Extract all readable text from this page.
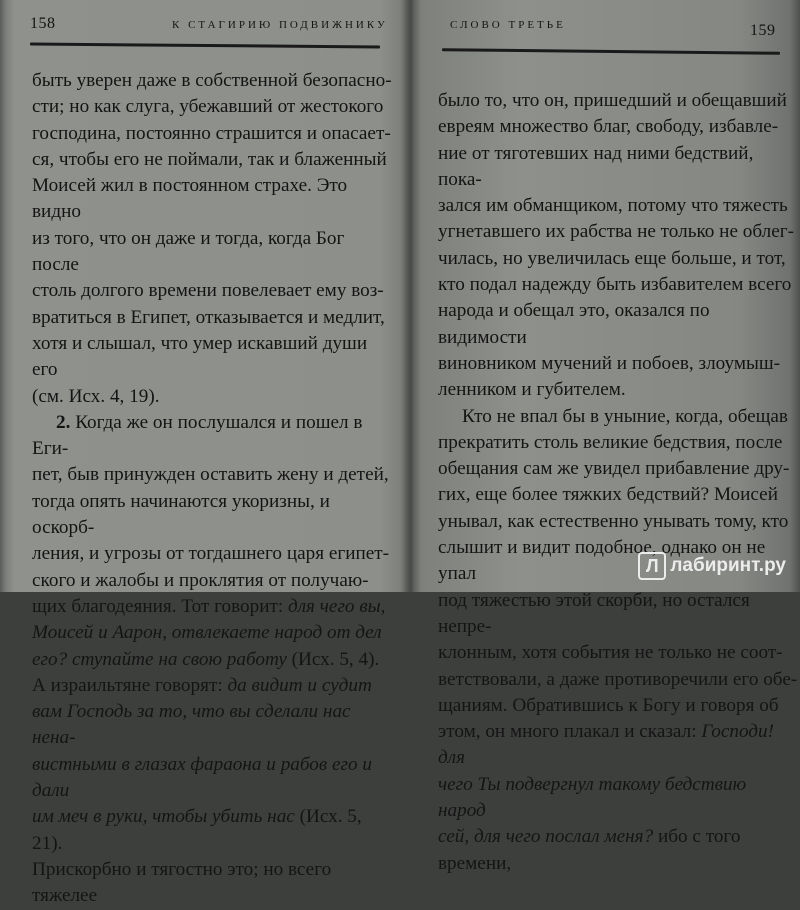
158	К СТАГИРИЮ ПОДВИЖНИКУ

быть уверен даже в собственной безопасно-
сти; но как слуга, убежавший от жестокого
господина, постоянно страшится и опасает-
ся, чтобы его не поймали, так и блаженный
Моисей жил в постоянном страхе. Это видно
из того, что он даже и тогда, когда Бог после
столь долгого времени повелевает ему воз-
вратиться в Египет, отказывается и медлит,
хотя и слышал, что умер искавший души его
(см. Исх. 4, 19).

2. Когда же он послушался и пошел в Еги-
пет, быв принужден оставить жену и детей,
тогда опять начинаются укоризны, и оскорб-
ления, и угрозы от тогдашнего царя египет-
ского и жалобы и проклятия от получаю-
щих благодеяния. Тот говорит: для чего вы,
Моисей и Аарон, отвлекаете народ от дел
его? ступайте на свою работу (Исх. 5, 4).
А израильтяне говорят: да видит и судит
вам Господь за то, что вы сделали нас нена-
вистными в глазах фараона и рабов его и дали
им меч в руки, чтобы убить нас (Исх. 5, 21).
Прискорбно и тягостно это; но всего тяжелее

СЛОВО ТРЕТЬЕ	159

было то, что он, пришедший и обещавший
евреям множество благ, свободу, избавле-
ние от тяготевших над ними бедствий, пока-
зался им обманщиком, потому что тяжесть
угнетавшего их рабства не только не облег-
чилась, но увеличилась еще больше, и тот,
кто подал надежду быть избавителем всего
народа и обещал это, оказался по видимости
виновником мучений и побоев, злоумыш-
ленником и губителем.

Кто не впал бы в уныние, когда, обещав
прекратить столь великие бедствия, после
обещания сам же увидел прибавление дру-
гих, еще более тяжких бедствий? Моисей
унывал, как естественно унывать тому, кто
слышит и видит подобное, однако он не упал
под тяжестью этой скорби, но остался непре-
клонным, хотя события не только не соот-
ветствовали, а даже противоречили его обе-
щаниям. Обратившись к Богу и говоря об
этом, он много плакал и сказал: Господи! для
чего Ты подвергнул такому бедствию народ
сей, для чего послал меня? ибо с того времени,

Л лабиринт.ру
